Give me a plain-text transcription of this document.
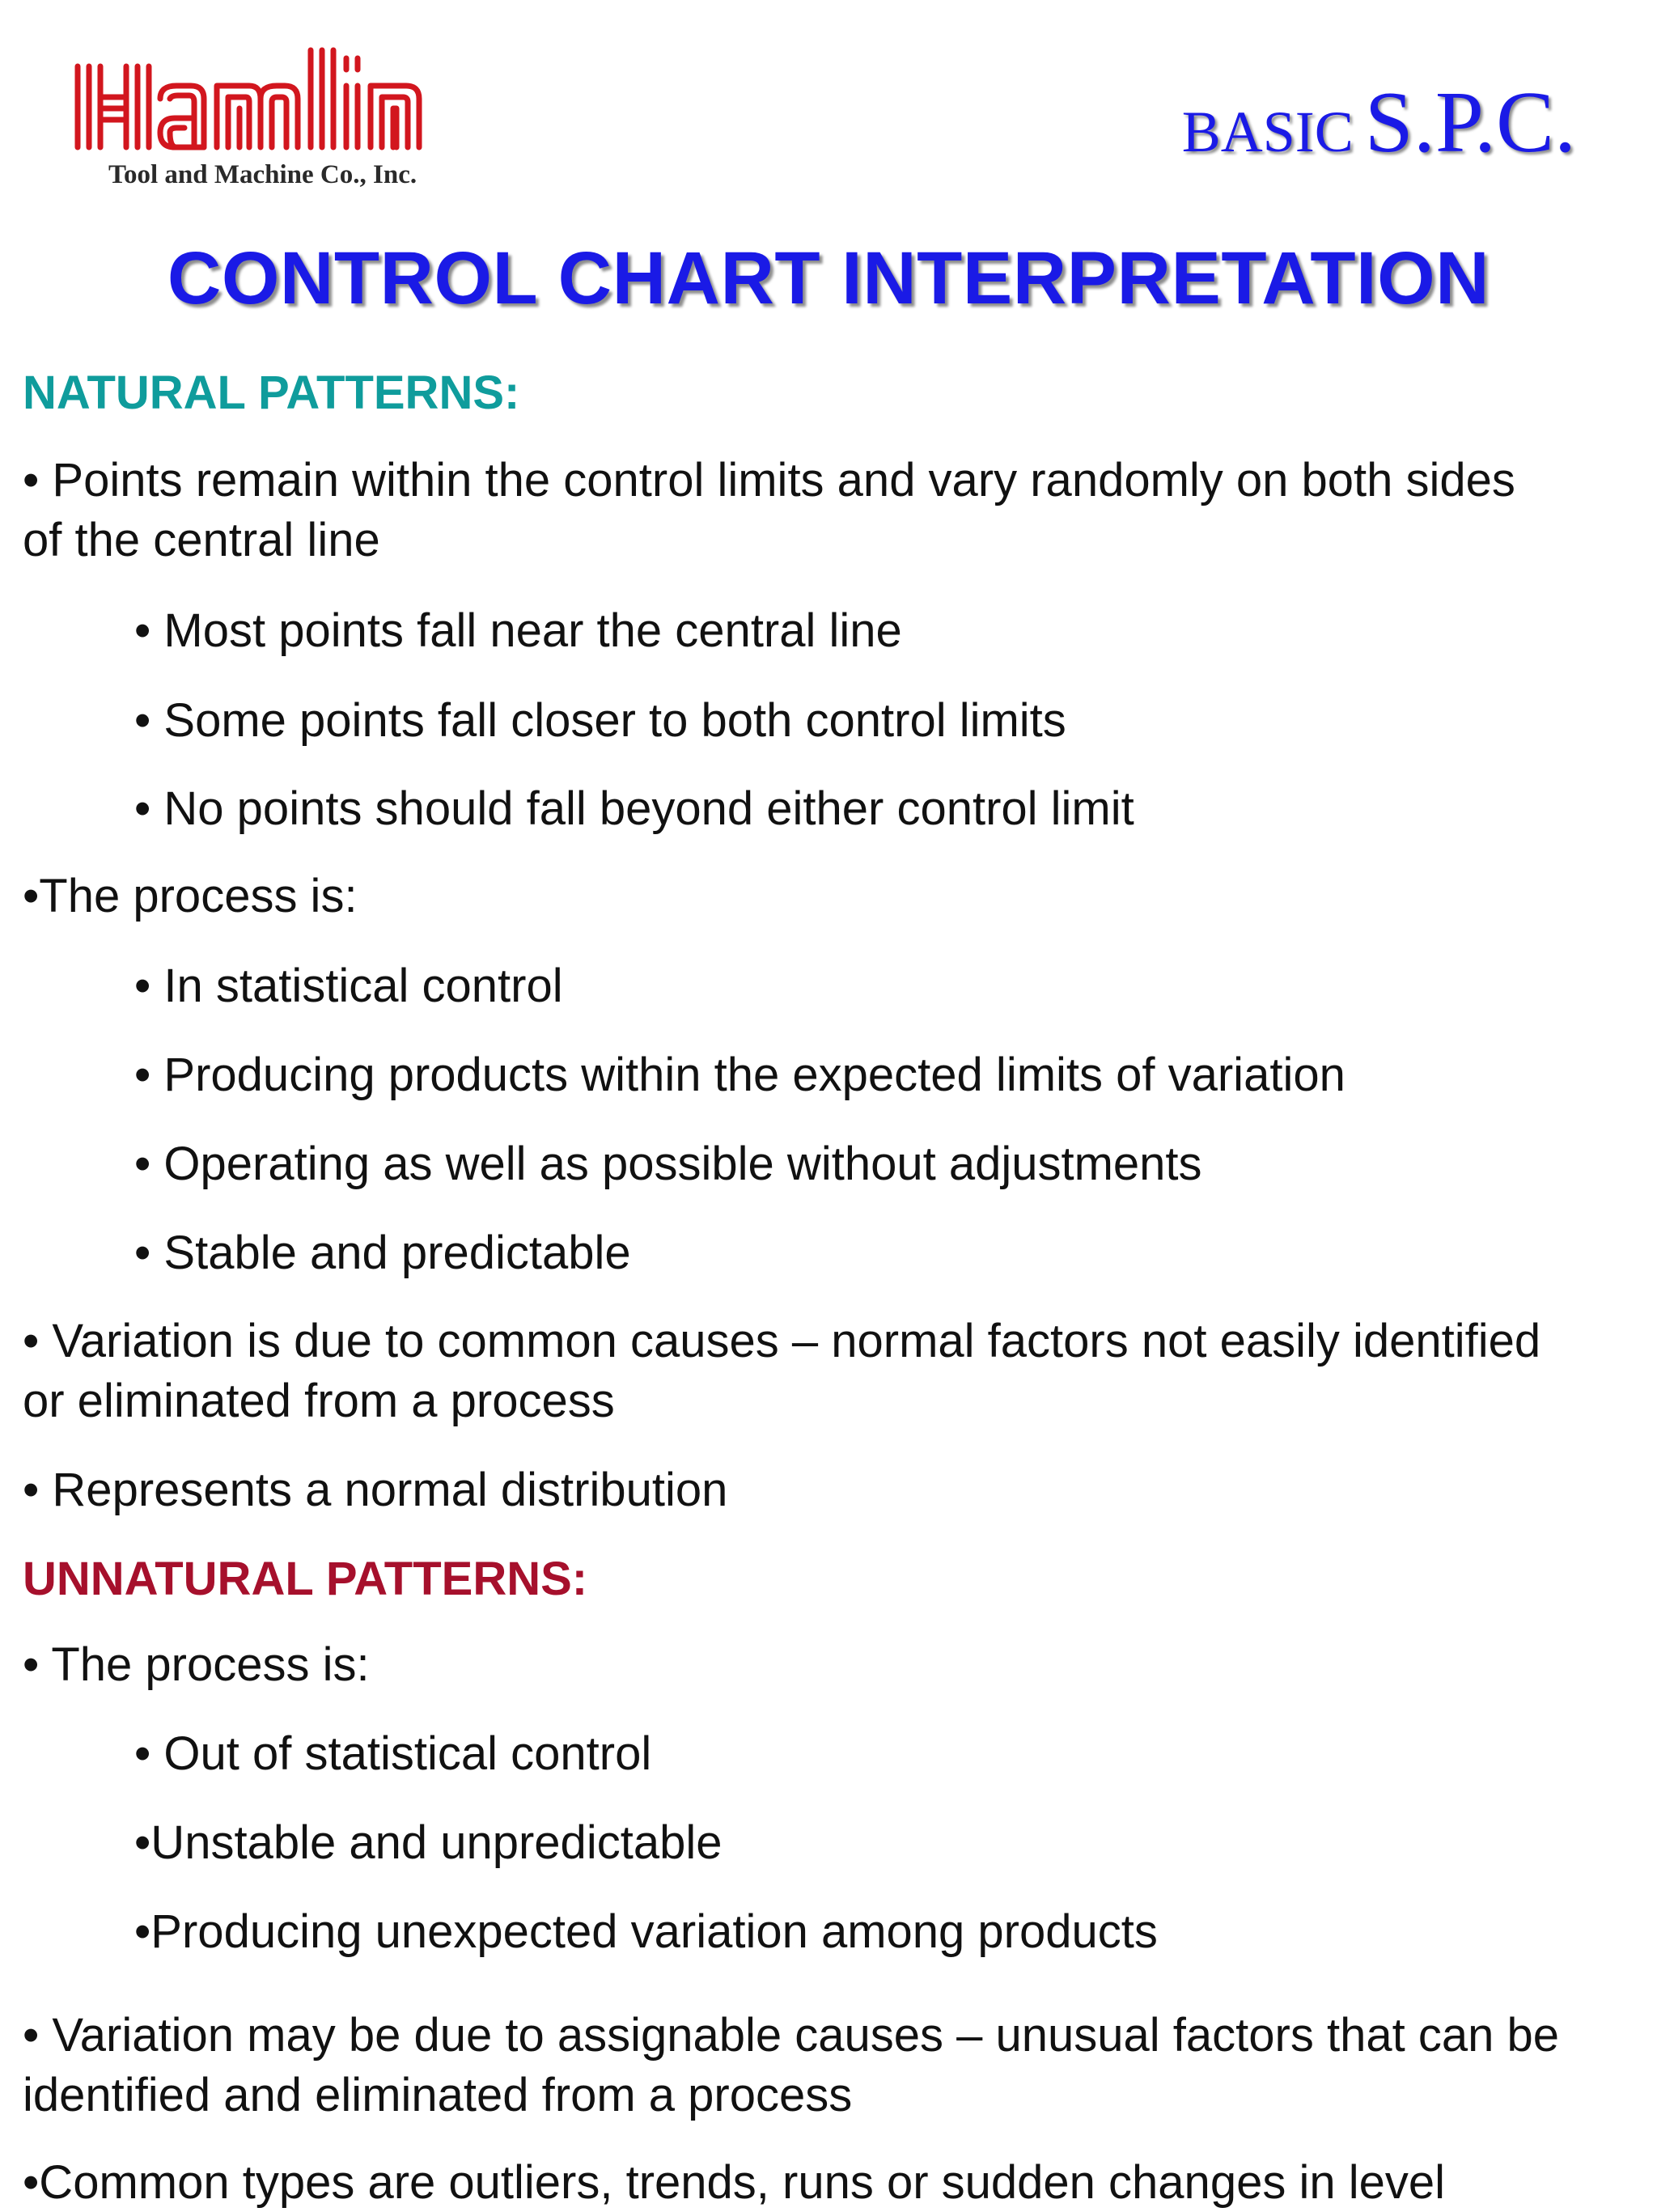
Tool and Machine Co., Inc.
BASIC S.P.C.
CONTROL CHART INTERPRETATION
NATURAL PATTERNS:
• Points remain within the control limits and vary randomly on both sides
of the central line
• Most points fall near the central line
• Some points fall closer to both control limits
• No points should fall beyond either control limit
•The process is:
• In statistical control
• Producing products within the expected limits of variation
• Operating as well as possible without adjustments
• Stable and predictable
• Variation is due to common causes – normal factors not easily identified
or eliminated from a process
• Represents a normal distribution
UNNATURAL PATTERNS:
• The process is:
• Out of statistical control
•Unstable and unpredictable
•Producing unexpected variation among products
• Variation may be due to assignable causes – unusual factors that can be
identified and eliminated from a process
•Common types are outliers, trends, runs or sudden changes in level
